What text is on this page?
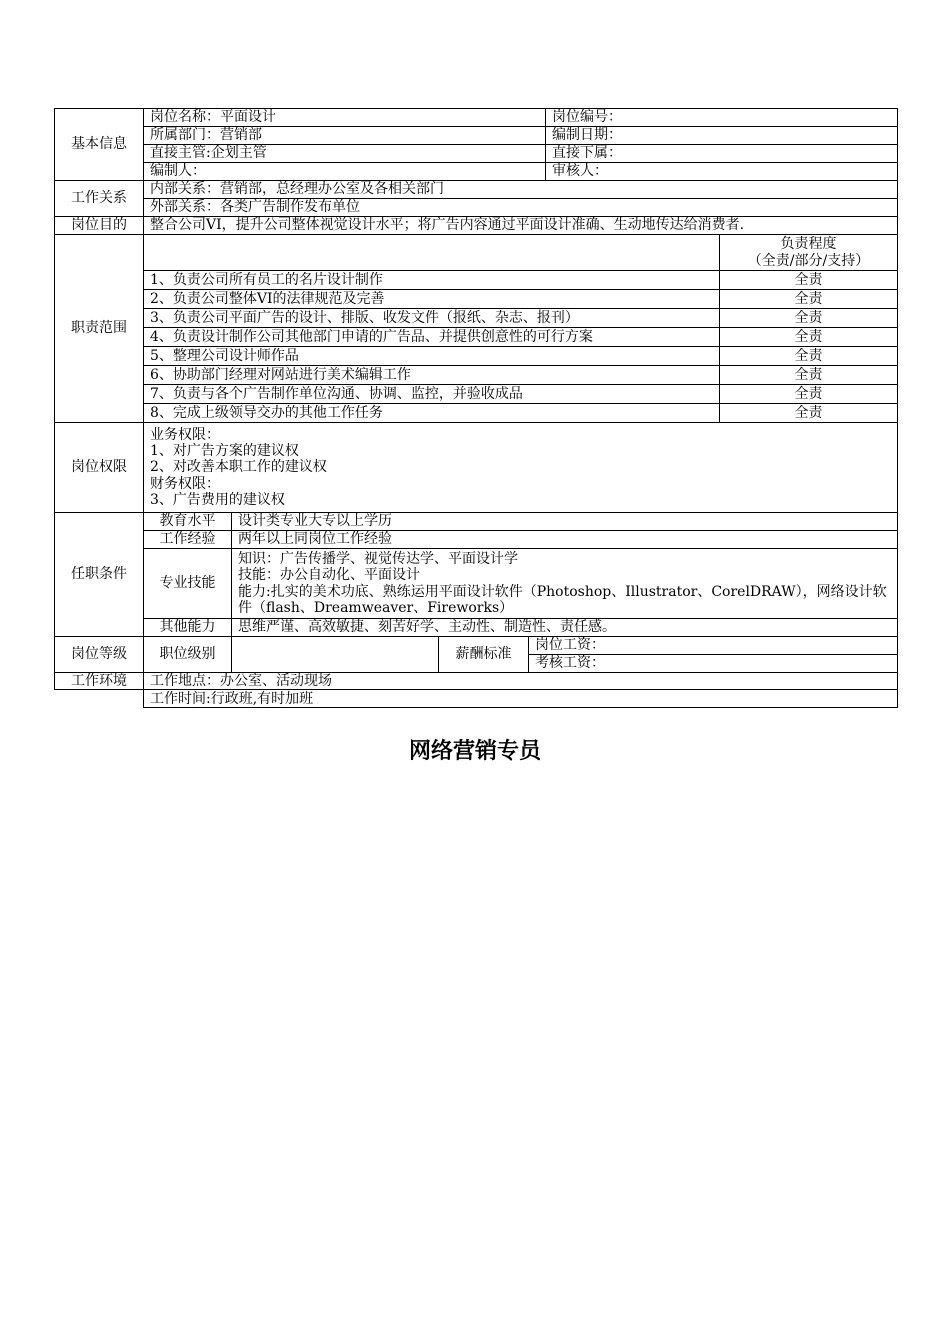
基本信息	岗位名称：平面设计				岗位编号：	
	所属部门：营销部				编制日期：	
	直接主管:企划主管				直接下属：	
	编制人：				审核人：	
工作关系	内部关系：营销部，总经理办公室及各相关部门					
	外部关系：各类广告制作发布单位					
岗位目的	整合公司VI，提升公司整体视觉设计水平；将广告内容通过平面设计准确、生动地传达给消费者.					
职责范围						负责程度
（全责/部分/支持）

	1、负责公司所有员工的名片设计制作					全责
	2、负责公司整体VI的法律规范及完善					全责
	3、负责公司平面广告的设计、排版、收发文件（报纸、杂志、报刊）					全责
	4、负责设计制作公司其他部门申请的广告品、并提供创意性的可行方案					全责
	5、整理公司设计师作品					全责
	6、协助部门经理对网站进行美术编辑工作					全责
	7、负责与各个广告制作单位沟通、协调、监控，并验收成品					全责
	8、完成上级领导交办的其他工作任务					全责
岗位权限	业务权限：
1、对广告方案的建议权
2、对改善本职工作的建议权
财务权限：
3、广告费用的建议权					

任职条件	教育水平	设计类专业大专以上学历				
	工作经验	两年以上同岗位工作经验				
	专业技能	知识：广告传播学、视觉传达学、平面设计学
技能：办公自动化、平面设计
能力:扎实的美术功底、熟练运用平面设计软件（Photoshop、Illustrator、CorelDRAW），网络设计软件（flash、Dreamweaver、Fireworks）				

	其他能力	思维严谨、高效敏捷、刻苦好学、主动性、制造性、责任感。				
岗位等级	职位级别		薪酬标准	岗位工资：		
				考核工资：		
工作环境	工作地点：办公室、活动现场					
	工作时间:行政班,有时加班					
网络营销专员
